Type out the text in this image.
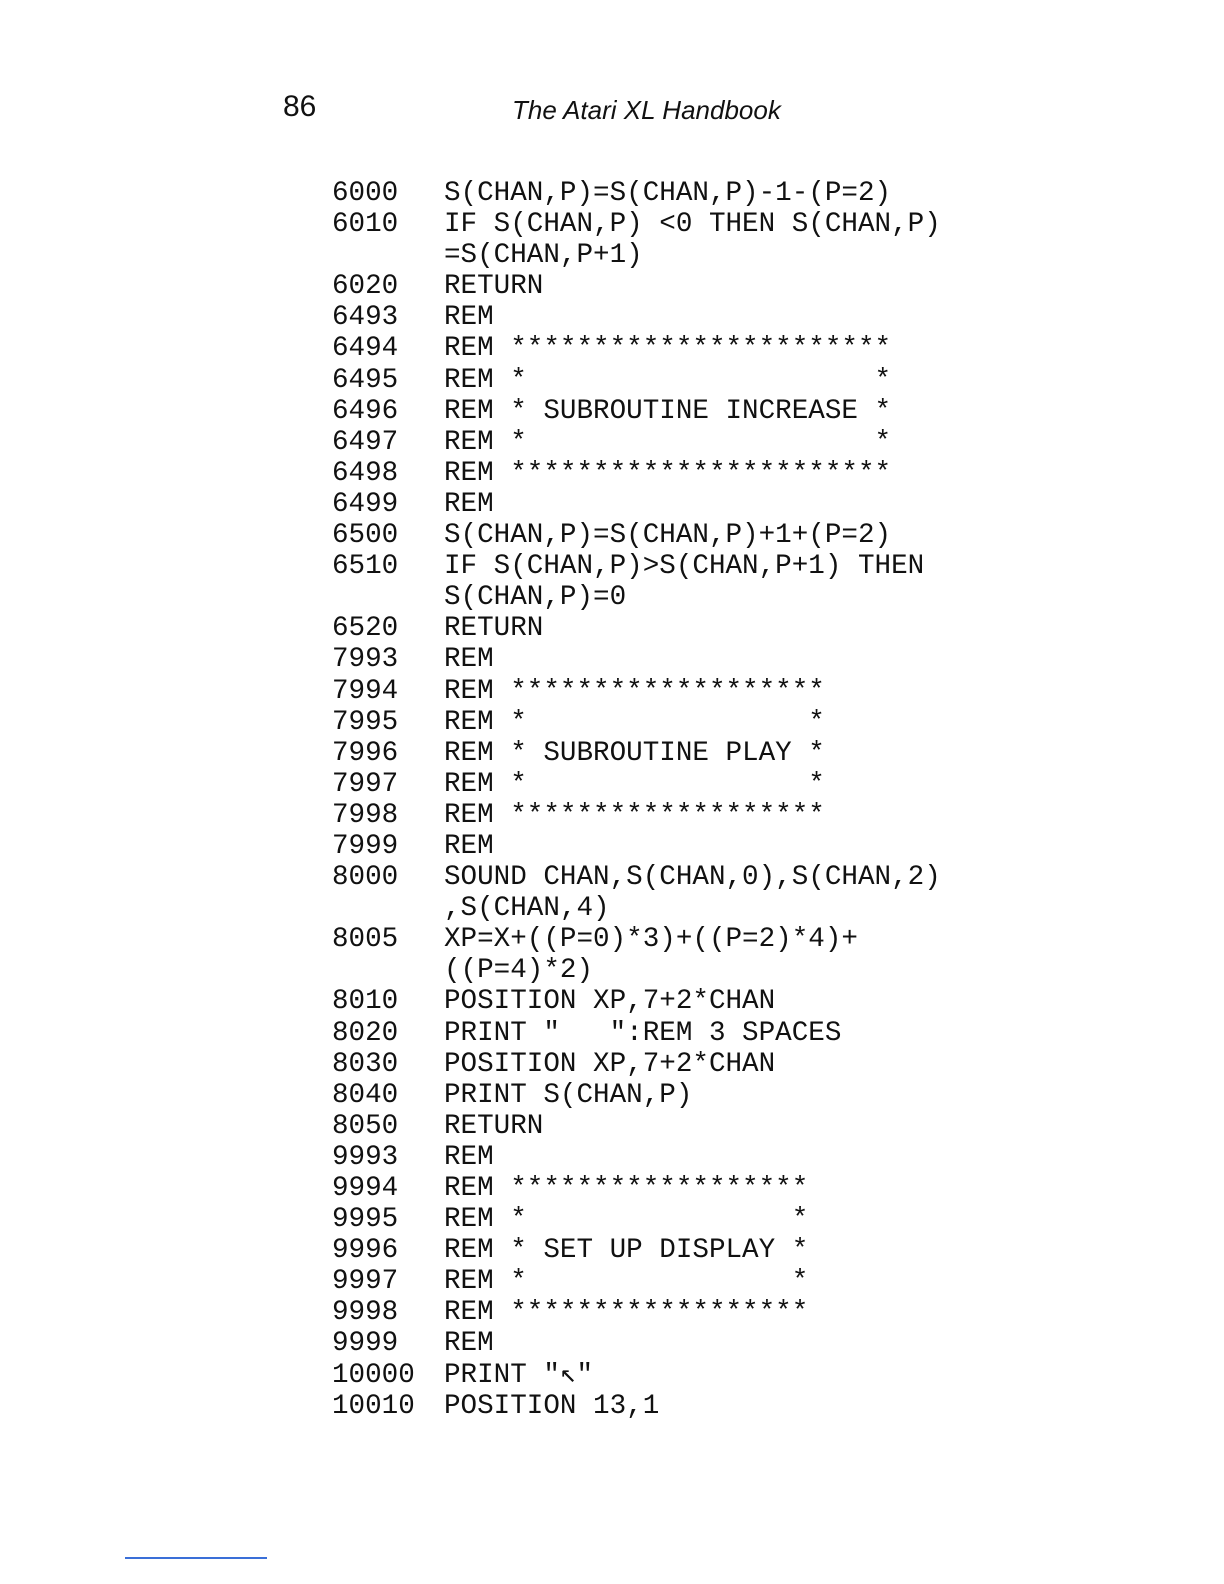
86	The Atari XL Handbook
6000	S(CHAN,P)=S(CHAN,P)-1-(P=2)
6010	IF S(CHAN,P) <0 THEN S(CHAN,P)
=S(CHAN,P+1)
6020	RETURN
6493	REM
6494	REM ***********************
6495	REM *                     *
6496	REM * SUBROUTINE INCREASE *
6497	REM *                     *
6498	REM ***********************
6499	REM
6500	S(CHAN,P)=S(CHAN,P)+1+(P=2)
6510	IF S(CHAN,P)>S(CHAN,P+1) THEN
S(CHAN,P)=0
6520	RETURN
7993	REM
7994	REM *******************
7995	REM *                 *
7996	REM * SUBROUTINE PLAY *
7997	REM *                 *
7998	REM *******************
7999	REM
8000	SOUND CHAN,S(CHAN,0),S(CHAN,2)
,S(CHAN,4)
8005	XP=X+((P=0)*3)+((P=2)*4)+
((P=4)*2)
8010	POSITION XP,7+2*CHAN
8020	PRINT "   ":REM 3 SPACES
8030	POSITION XP,7+2*CHAN
8040	PRINT S(CHAN,P)
8050	RETURN
9993	REM
9994	REM ******************
9995	REM *                *
9996	REM * SET UP DISPLAY *
9997	REM *                *
9998	REM ******************
9999	REM
10000	PRINT "↖"
10010	POSITION 13,1
